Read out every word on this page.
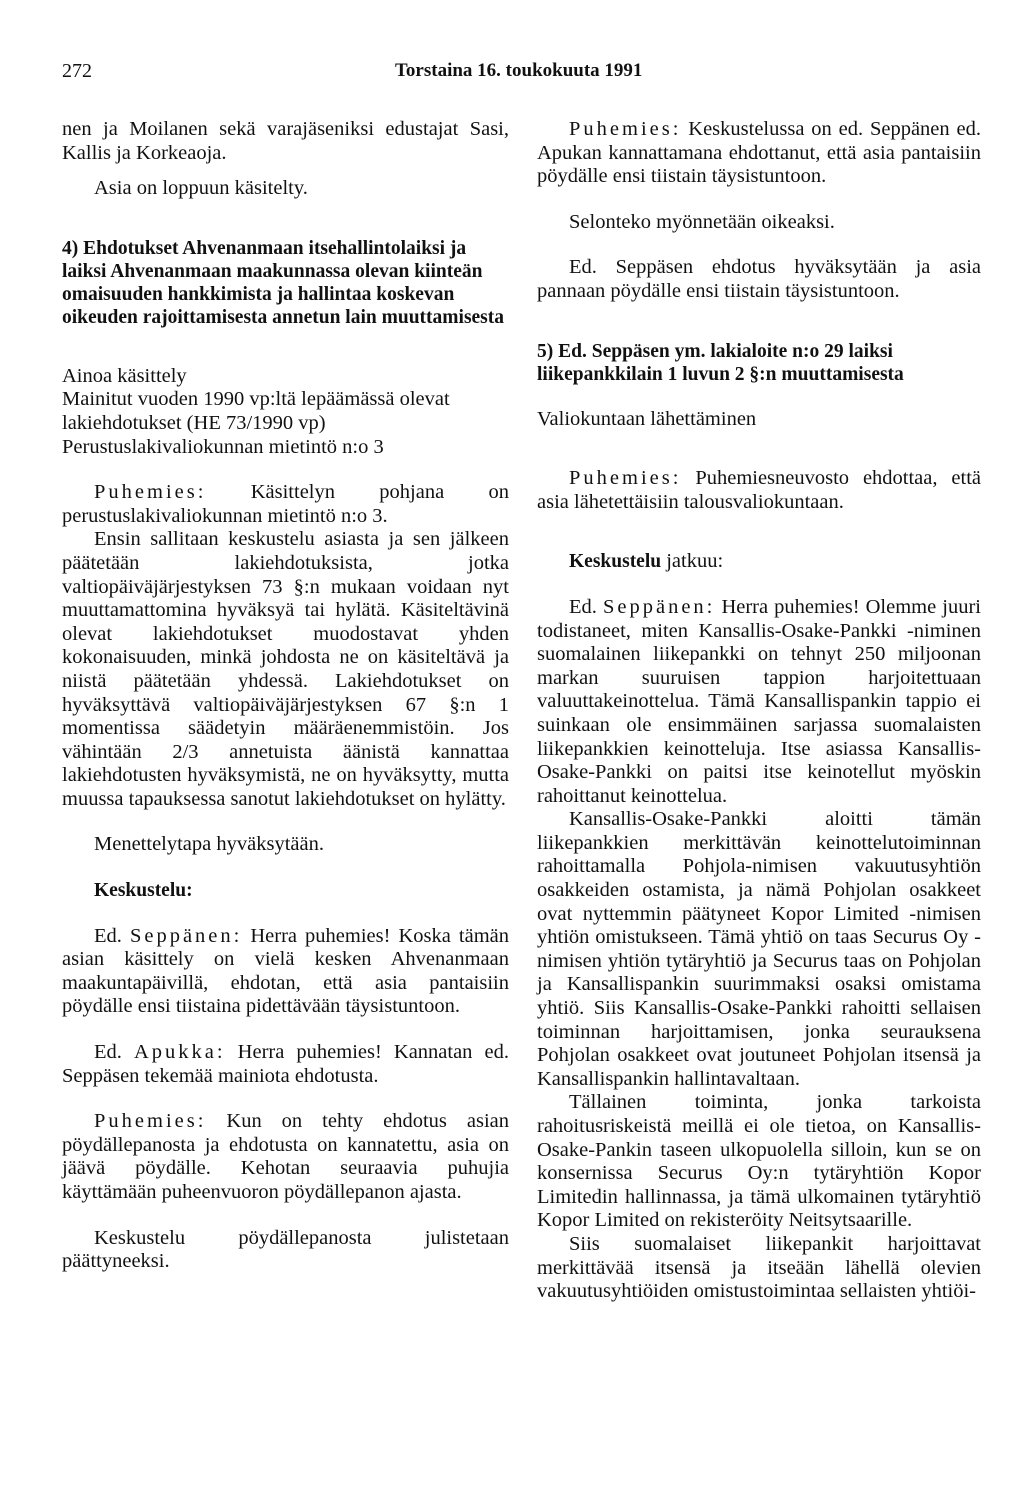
272	Torstaina 16. toukokuuta 1991

nen ja Moilanen sekä varajäseniksi edustajat Sasi, Kallis ja Korkeaoja.

Asia on loppuun käsitelty.

4) Ehdotukset Ahvenanmaan itsehallintolaiksi ja laiksi Ahvenanmaan maakunnassa olevan kiinteän omaisuuden hankkimista ja hallintaa koskevan oikeuden rajoittamisesta annetun lain muuttamisesta

Ainoa käsittely

Mainitut vuoden 1990 vp:ltä lepäämässä olevat lakiehdotukset (HE 73/1990 vp)

Perustuslakivaliokunnan mietintö n:o 3

Puhemies: Käsittelyn pohjana on perustuslakivaliokunnan mietintö n:o 3.

Ensin sallitaan keskustelu asiasta ja sen jälkeen päätetään lakiehdotuksista, jotka valtiopäiväjärjestyksen 73 §:n mukaan voidaan nyt muuttamattomina hyväksyä tai hylätä. Käsiteltävinä olevat lakiehdotukset muodostavat yhden kokonaisuuden, minkä johdosta ne on käsiteltävä ja niistä päätetään yhdessä. Lakiehdotukset on hyväksyttävä valtiopäiväjärjestyksen 67 §:n 1 momentissa säädetyin määräenemmistöin. Jos vähintään 2/3 annetuista äänistä kannattaa lakiehdotusten hyväksymistä, ne on hyväksytty, mutta muussa tapauksessa sanotut lakiehdotukset on hylätty.

Menettelytapa hyväksytään.

Keskustelu:

Ed. Seppänen: Herra puhemies! Koska tämän asian käsittely on vielä kesken Ahvenanmaan maakuntapäivillä, ehdotan, että asia pantaisiin pöydälle ensi tiistaina pidettävään täysistuntoon.

Ed. Apukka: Herra puhemies! Kannatan ed. Seppäsen tekemää mainiota ehdotusta.

Puhemies: Kun on tehty ehdotus asian pöydällepanosta ja ehdotusta on kannatettu, asia on jäävä pöydälle. Kehotan seuraavia puhujia käyttämään puheenvuoron pöydällepanon ajasta.

Keskustelu pöydällepanosta julistetaan päättyneeksi.

Puhemies: Keskustelussa on ed. Seppänen ed. Apukan kannattamana ehdottanut, että asia pantaisiin pöydälle ensi tiistain täysistuntoon.

Selonteko myönnetään oikeaksi.

Ed. Seppäsen ehdotus hyväksytään ja asia pannaan pöydälle ensi tiistain täysistuntoon.

5) Ed. Seppäsen ym. lakialoite n:o 29 laiksi liikepankkilain 1 luvun 2 §:n muuttamisesta

Valiokuntaan lähettäminen

Puhemies: Puhemiesneuvosto ehdottaa, että asia lähetettäisiin talousvaliokuntaan.

Keskustelu jatkuu:

Ed. Seppänen: Herra puhemies! Olemme juuri todistaneet, miten Kansallis-Osake-Pankki -niminen suomalainen liikepankki on tehnyt 250 miljoonan markan suuruisen tappion harjoitettuaan valuuttakeinottelua. Tämä Kansallispankin tappio ei suinkaan ole ensimmäinen sarjassa suomalaisten liikepankkien keinotteluja. Itse asiassa Kansallis-Osake-Pankki on paitsi itse keinotellut myöskin rahoittanut keinottelua.

Kansallis-Osake-Pankki aloitti tämän liikepankkien merkittävän keinottelutoiminnan rahoittamalla Pohjola-nimisen vakuutusyhtiön osakkeiden ostamista, ja nämä Pohjolan osakkeet ovat nyttemmin päätyneet Kopor Limited -nimisen yhtiön omistukseen. Tämä yhtiö on taas Securus Oy -nimisen yhtiön tytäryhtiö ja Securus taas on Pohjolan ja Kansallispankin suurimmaksi osaksi omistama yhtiö. Siis Kansallis-Osake-Pankki rahoitti sellaisen toiminnan harjoittamisen, jonka seurauksena Pohjolan osakkeet ovat joutuneet Pohjolan itsensä ja Kansallispankin hallintavaltaan.

Tällainen toiminta, jonka tarkoista rahoitusriskeistä meillä ei ole tietoa, on Kansallis-Osake-Pankin taseen ulkopuolella silloin, kun se on konsernissa Securus Oy:n tytäryhtiön Kopor Limitedin hallinnassa, ja tämä ulkomainen tytäryhtiö Kopor Limited on rekisteröity Neitsytsaarille.

Siis suomalaiset liikepankit harjoittavat merkittävää itsensä ja itseään lähellä olevien vakuutusyhtiöiden omistustoimintaa sellaisten yhtiöi-
